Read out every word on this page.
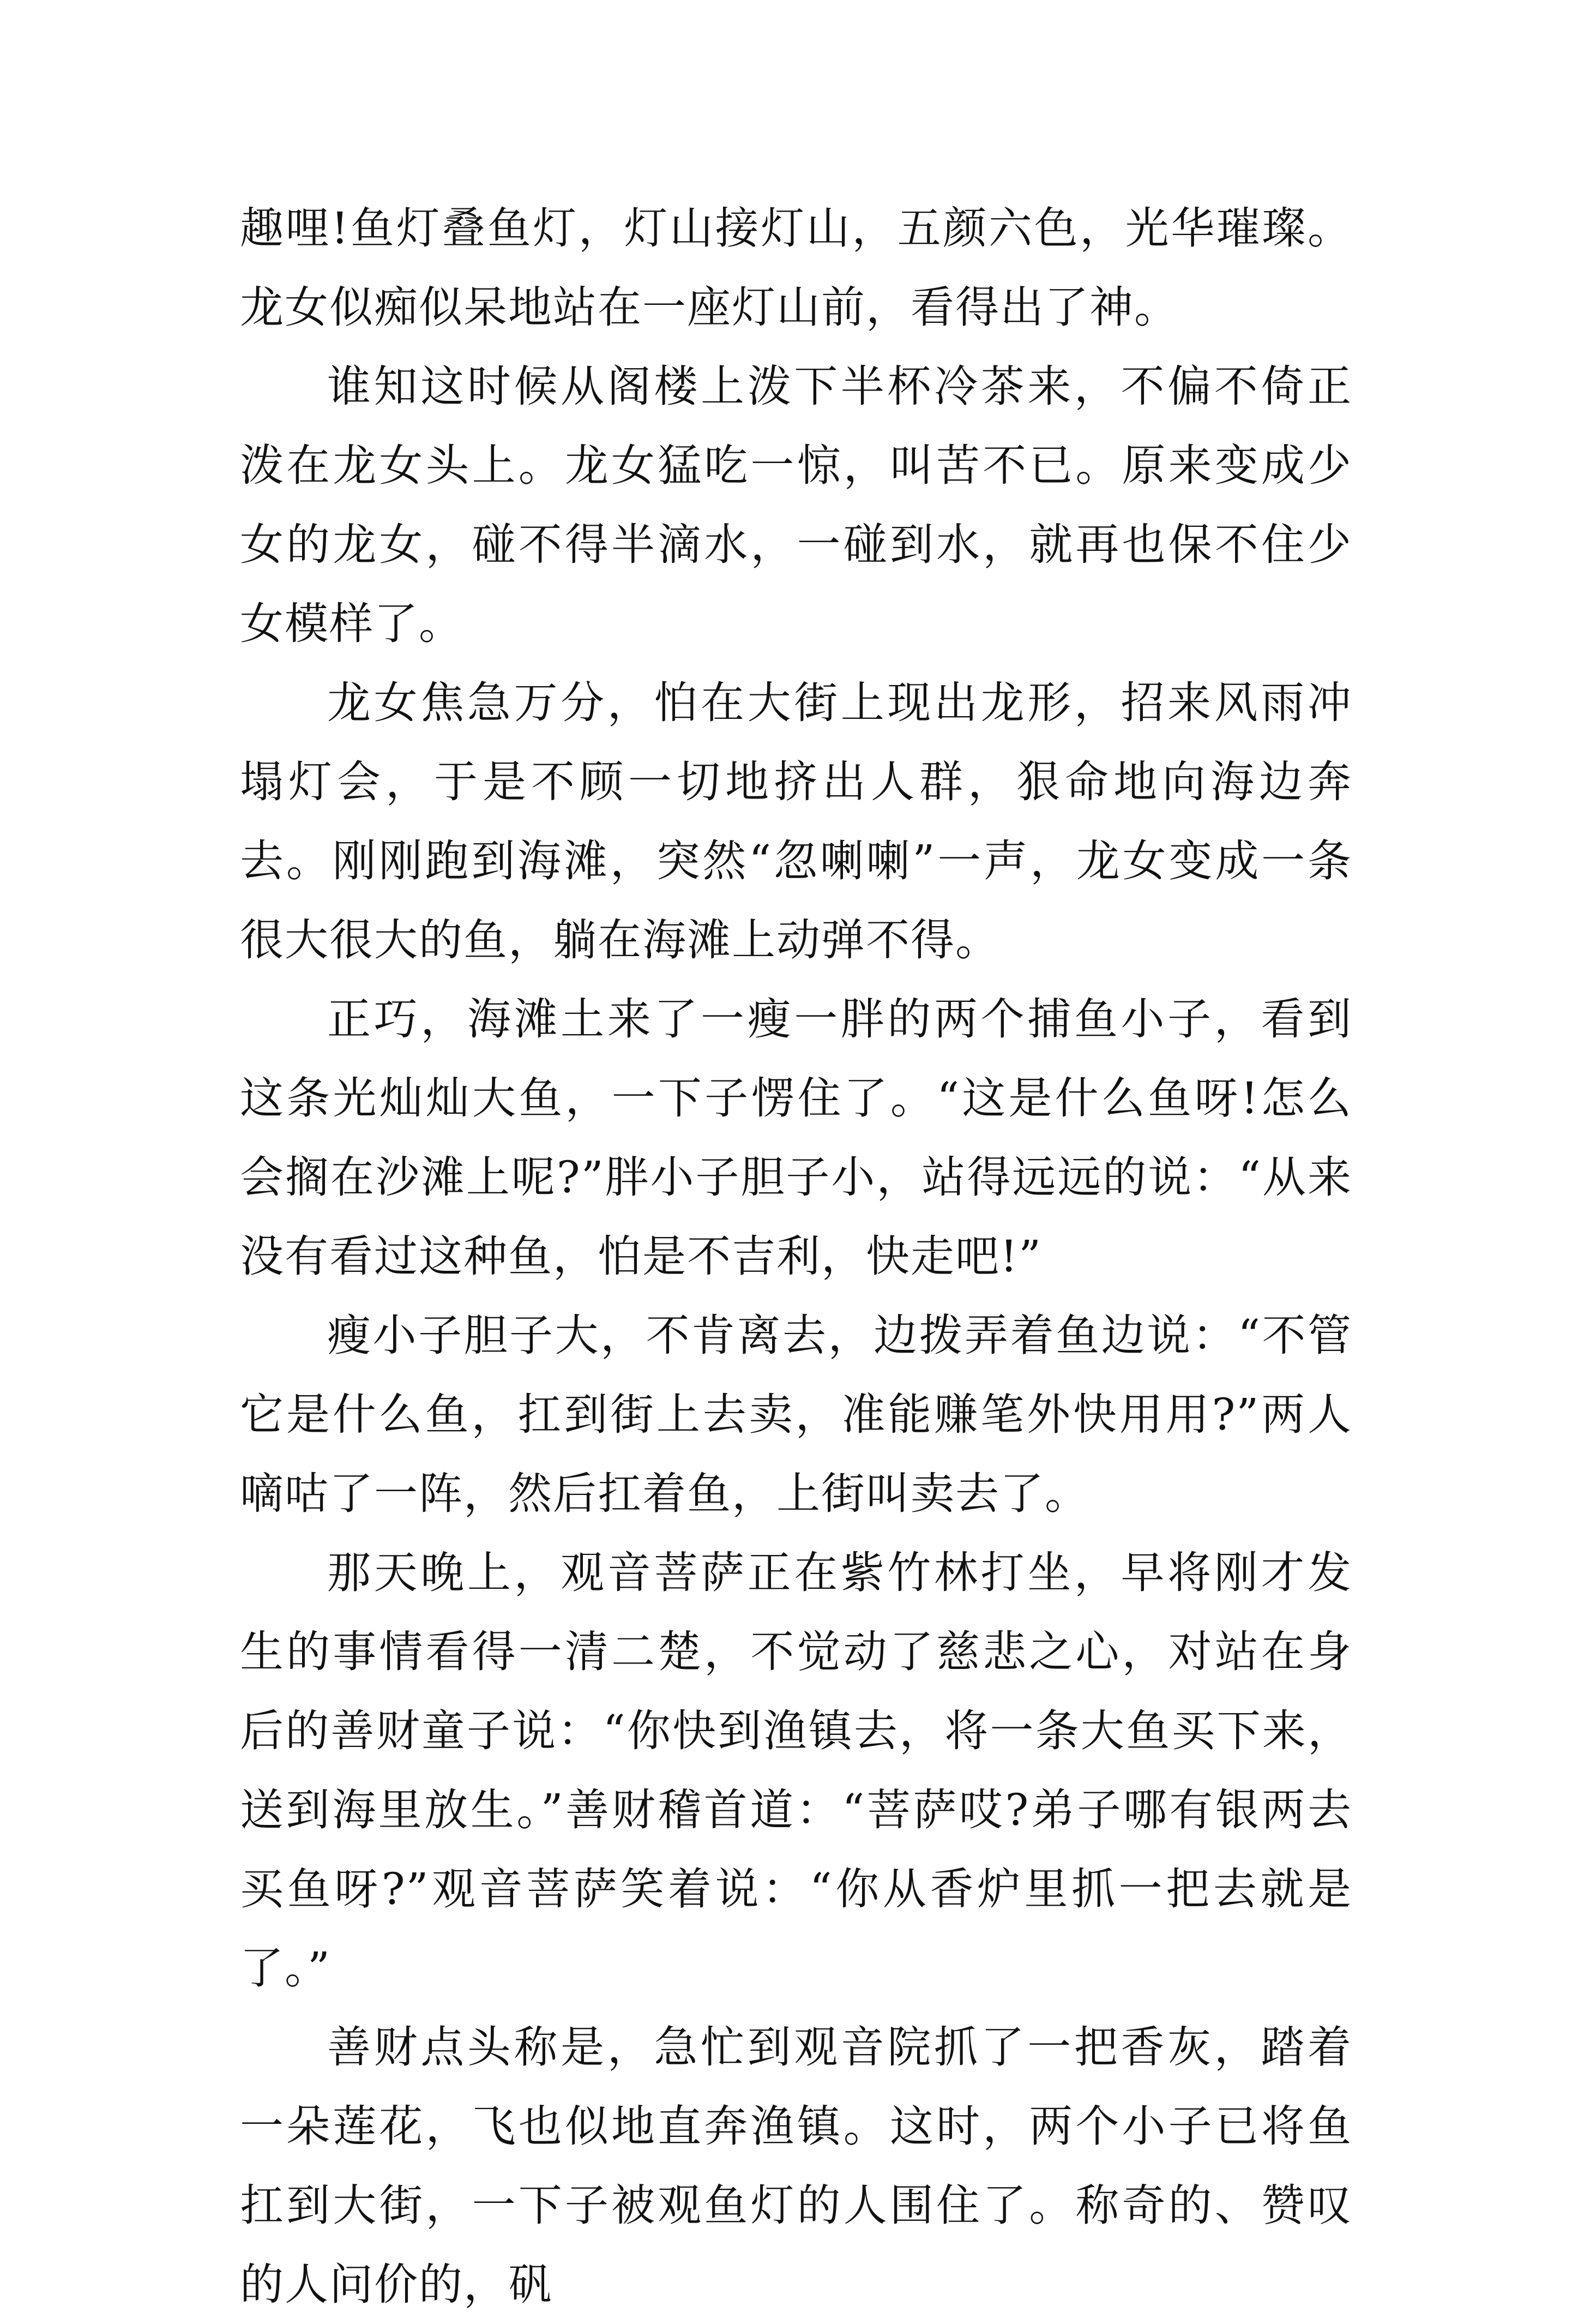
趣哩!鱼灯叠鱼灯，灯山接灯山，五颜六色，光华璀璨。龙女似痴似呆地站在一座灯山前，看得出了神。

谁知这时候从阁楼上泼下半杯冷茶来，不偏不倚正泼在龙女头上。龙女猛吃一惊，叫苦不已。原来变成少女的龙女，碰不得半滴水，一碰到水，就再也保不住少女模样了。

龙女焦急万分，怕在大街上现出龙形，招来风雨冲塌灯会，于是不顾一切地挤出人群，狠命地向海边奔去。刚刚跑到海滩，突然“忽喇喇”一声，龙女变成一条很大很大的鱼，躺在海滩上动弹不得。

正巧，海滩土来了一瘦一胖的两个捕鱼小子，看到这条光灿灿大鱼，一下子愣住了。“这是什么鱼呀!怎么会搁在沙滩上呢?”胖小子胆子小，站得远远的说：“从来没有看过这种鱼，怕是不吉利，快走吧!”

瘦小子胆子大，不肯离去，边拨弄着鱼边说：“不管它是什么鱼，扛到街上去卖，准能赚笔外快用用?”两人嘀咕了一阵，然后扛着鱼，上街叫卖去了。

那天晚上，观音菩萨正在紫竹林打坐，早将刚才发生的事情看得一清二楚，不觉动了慈悲之心，对站在身后的善财童子说：“你快到渔镇去，将一条大鱼买下来，送到海里放生。”善财稽首道：“菩萨哎?弟子哪有银两去买鱼呀?”观音菩萨笑着说：“你从香炉里抓一把去就是了。”

善财点头称是，急忙到观音院抓了一把香灰，踏着一朵莲花，飞也似地直奔渔镇。这时，两个小子已将鱼扛到大街，一下子被观鱼灯的人围住了。称奇的、赞叹的人问价的，矾
